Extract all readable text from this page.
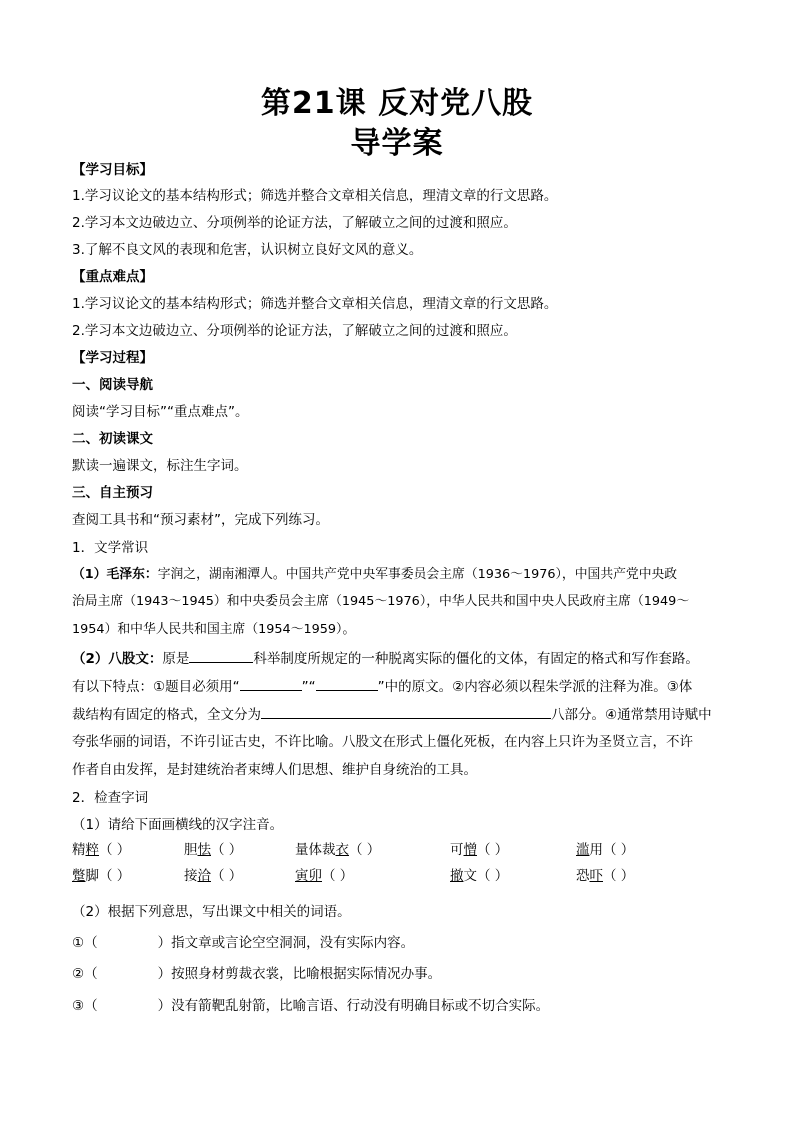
第21课 反对党八股
导学案
【学习目标】
1.学习议论文的基本结构形式；筛选并整合文章相关信息，理清文章的行文思路。
2.学习本文边破边立、分项例举的论证方法，了解破立之间的过渡和照应。
3.了解不良文风的表现和危害，认识树立良好文风的意义。
【重点难点】
1.学习议论文的基本结构形式；筛选并整合文章相关信息，理清文章的行文思路。
2.学习本文边破边立、分项例举的论证方法，了解破立之间的过渡和照应。
【学习过程】
一、阅读导航
阅读“学习目标”“重点难点”。
二、初读课文
默读一遍课文，标注生字词。
三、自主预习
查阅工具书和“预习素材”，完成下列练习。
1．文学常识
（1）毛泽东：字润之，湖南湘潭人。中国共产党中央军事委员会主席（1936～1976），中国共产党中央政
治局主席（1943～1945）和中央委员会主席（1945～1976），中华人民共和国中央人民政府主席（1949～
1954）和中华人民共和国主席（1954～1959）。
（2）八股文：原是	科举制度所规定的一种脱离实际的僵化的文体，有固定的格式和写作套路。
有以下特点：①题目必须用“	”“	”中的原文。②内容必须以程朱学派的注释为准。③体
裁结构有固定的格式，全文分为	八部分。④通常禁用诗赋中
夸张华丽的词语，不许引证古史，不许比喻。八股文在形式上僵化死板，在内容上只许为圣贤立言，不许
作者自由发挥，是封建统治者束缚人们思想、维护自身统治的工具。
2．检查字词
（1）请给下面画横线的汉字注音。
精粹（ ）	胆怯（ ）	量体裁衣（ ）	可憎（ ）	滥用（ ）
蹩脚（ ）	接洽（ ）	寅卯（ ）	撤文（ ）	恐吓（ ）
（2）根据下列意思，写出课文中相关的词语。
①（	）指文章或言论空空洞洞，没有实际内容。
②（	）按照身材剪裁衣裳，比喻根据实际情况办事。
③（	）没有箭靶乱射箭，比喻言语、行动没有明确目标或不切合实际。
